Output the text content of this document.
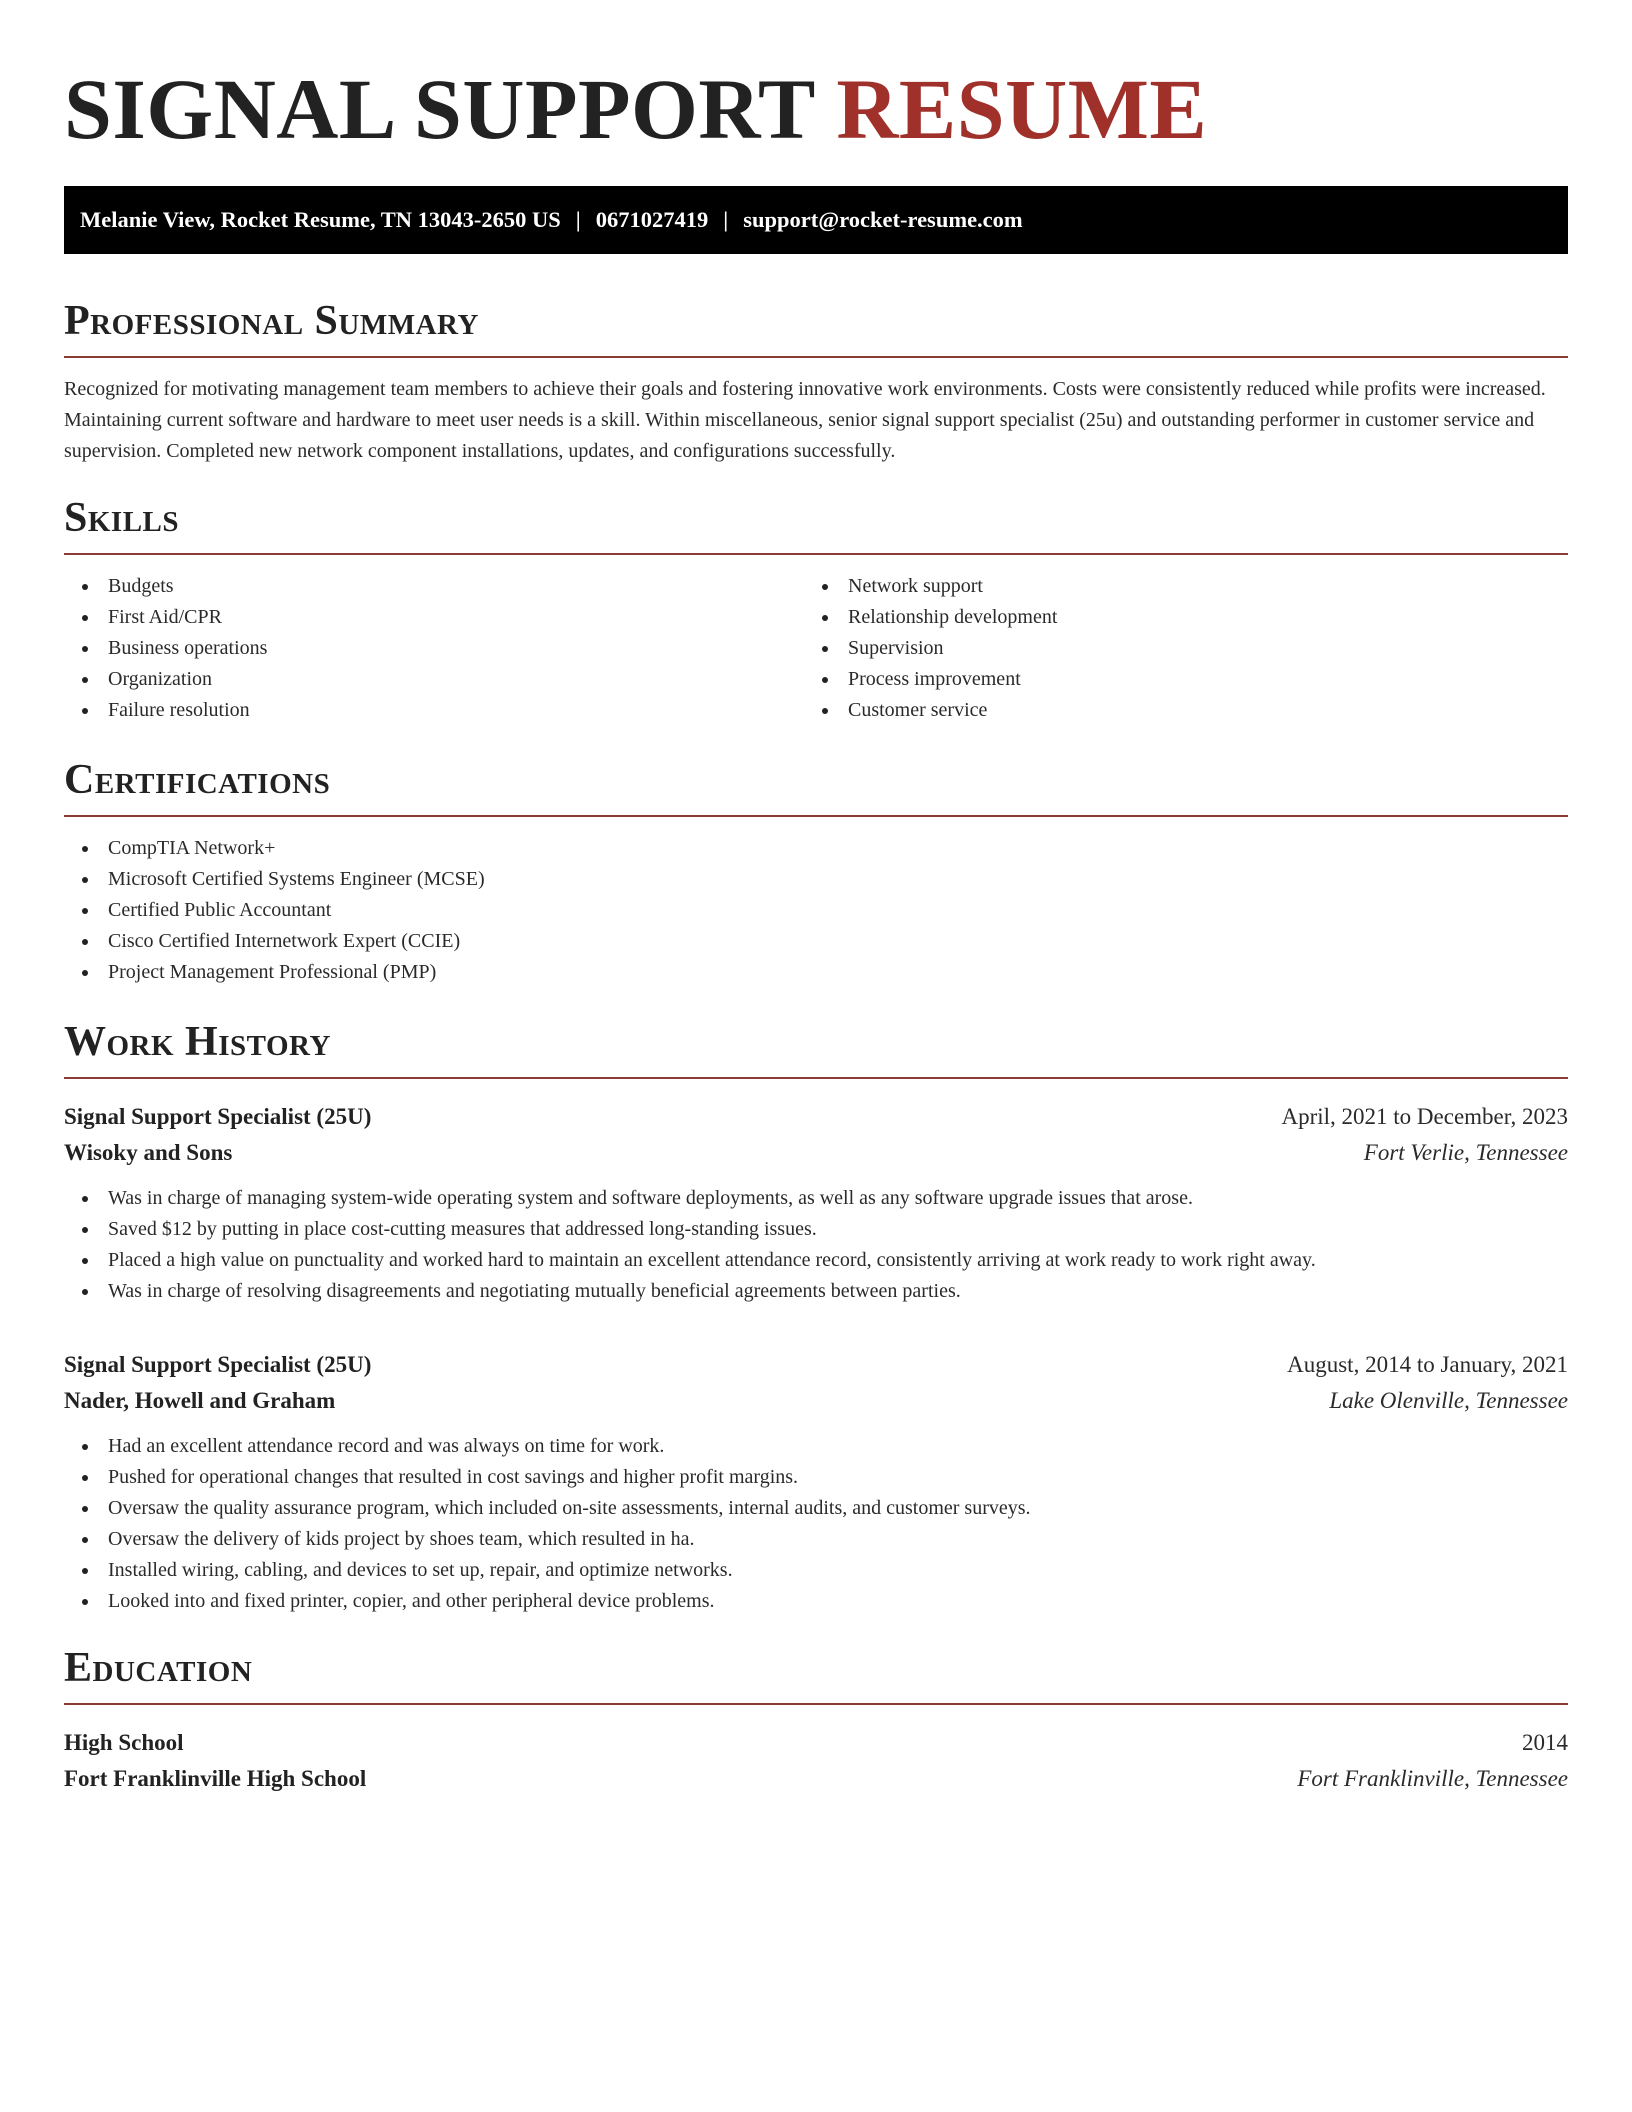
SIGNAL SUPPORT RESUME
Melanie View, Rocket Resume, TN 13043-2650 US | 0671027419 | support@rocket-resume.com
Professional Summary

Recognized for motivating management team members to achieve their goals and fostering innovative work environments. Costs were consistently reduced while profits were increased. Maintaining current software and hardware to meet user needs is a skill. Within miscellaneous, senior signal support specialist (25u) and outstanding performer in customer service and supervision. Completed new network component installations, updates, and configurations successfully.

Skills
Budgets
First Aid/CPR
Business operations
Organization
Failure resolution
Network support
Relationship development
Supervision
Process improvement
Customer service
Certifications
CompTIA Network+
Microsoft Certified Systems Engineer (MCSE)
Certified Public Accountant
Cisco Certified Internetwork Expert (CCIE)
Project Management Professional (PMP)
Work History
Signal Support Specialist (25U)	April, 2021 to December, 2023
Wisoky and Sons	Fort Verlie, Tennessee
Was in charge of managing system-wide operating system and software deployments, as well as any software upgrade issues that arose.
Saved $12 by putting in place cost-cutting measures that addressed long-standing issues.
Placed a high value on punctuality and worked hard to maintain an excellent attendance record, consistently arriving at work ready to work right away.
Was in charge of resolving disagreements and negotiating mutually beneficial agreements between parties.
Signal Support Specialist (25U)	August, 2014 to January, 2021
Nader, Howell and Graham	Lake Olenville, Tennessee
Had an excellent attendance record and was always on time for work.
Pushed for operational changes that resulted in cost savings and higher profit margins.
Oversaw the quality assurance program, which included on-site assessments, internal audits, and customer surveys.
Oversaw the delivery of kids project by shoes team, which resulted in ha.
Installed wiring, cabling, and devices to set up, repair, and optimize networks.
Looked into and fixed printer, copier, and other peripheral device problems.
Education
High School	2014
Fort Franklinville High School	Fort Franklinville, Tennessee
